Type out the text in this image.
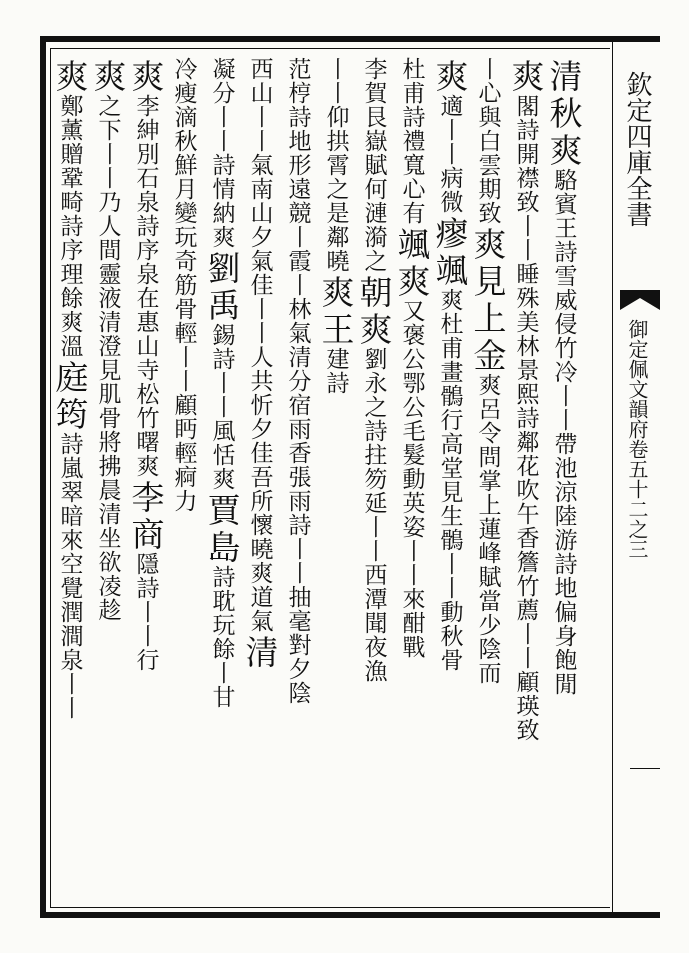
欽定四庫全書
御定佩文韻府卷五十二之三
清
秋
爽
駱
賓
王
詩
雪
威
侵
竹
冷
丨
丨
帶
池
涼
陸
游
詩
地
偏
身
飽
閒
爽
閣
詩
開
襟
致
丨
丨
睡
殊
美
林
景
熙
詩
鄰
花
吹
午
香
簷
竹
薦
丨
丨
顧
瑛
致
丨
心
與
白
雲
期
致
爽
見
上
金
爽
呂
令
問
掌
上
蓮
峰
賦
當
少
陰
而
爽
適
丨
丨
病
微
瘳
颯
爽
杜
甫
畫
鶻
行
高
堂
見
生
鶻
丨
丨
動
秋
骨
杜
甫
詩
禮
寬
心
有
颯
爽
又
褒
公
鄂
公
毛
髮
動
英
姿
丨
丨
來
酣
戰
李
賀
艮
嶽
賦
何
漣
漪
之
朝
爽
劉
永
之
詩
拄
笏
延
丨
丨
西
潭
聞
夜
漁
丨
丨
仰
拱
霄
之
是
鄰
曉
爽
王
建
詩
范
梈
詩
地
形
遠
競
丨
霞
丨
林
氣
清
分
宿
雨
香
張
雨
詩
丨
丨
抽
毫
對
夕
陰
西
山
丨
丨
氣
南
山
夕
氣
佳
丨
丨
人
共
忻
夕
佳
吾
所
懷
曉
爽
道
氣
清
凝
分
丨
丨
詩
情
納
爽
劉
禹
錫
詩
丨
丨
風
恬
爽
賈
島
詩
耽
玩
餘
丨
甘
冷
瘦
滴
秋
鮮
月
變
玩
奇
筋
骨
輕
丨
丨
顧
眄
輕
痾
力
爽
李
紳
別
石
泉
詩
序
泉
在
惠
山
寺
松
竹
曙
爽
李
商
隱
詩
丨
丨
行
爽
之
下
丨
丨
乃
人
間
靈
液
清
澄
見
肌
骨
將
拂
晨
清
坐
欲
凌
趁
爽
鄭
薰
贈
鞏
畸
詩
序
理
餘
爽
溫
庭
筠
詩
嵐
翠
暗
來
空
覺
潤
澗
泉
丨
丨
